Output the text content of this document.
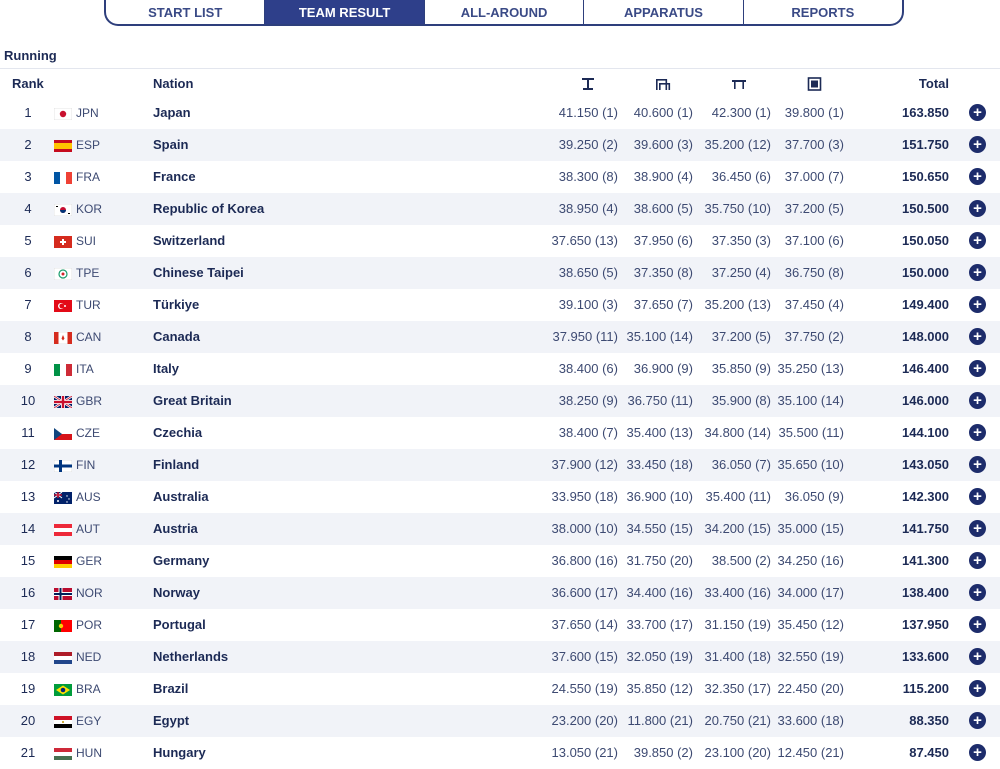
START LIST	TEAM RESULT	ALL-AROUND	APPARATUS	REPORTS
Running
Rank	Nation	Total
1	JPN	Japan	41.150 (1)	40.600 (1)	42.300 (1)	39.800 (1)	163.850 +
2	ESP	Spain	39.250 (2)	39.600 (3) 35.200 (12)	37.700 (3)	151.750 +
3	FRA	France	38.300 (8)	38.900 (4)	36.450 (6)	37.000 (7)	150.650 +
4	KOR	Republic of Korea	38.950 (4)	38.600 (5) 35.750 (10)	37.200 (5)	150.500 +
5	SUI	Switzerland	37.650 (13)	37.950 (6)	37.350 (3)	37.100 (6)	150.050 +
6	TPE	Chinese Taipei	38.650 (5)	37.350 (8)	37.250 (4)	36.750 (8)	150.000 +
7	TUR	Türkiye	39.100 (3)	37.650 (7) 35.200 (13)	37.450 (4)	149.400 +
8	CAN	Canada	37.950 (11) 35.100 (14)	37.200 (5)	37.750 (2)	148.000 +
9	ITA	Italy	38.400 (6)	36.900 (9)	35.850 (9) 35.250 (13)	146.400 +
10	GBR	Great Britain	38.250 (9) 36.750 (11)	35.900 (8) 35.100 (14)	146.000 +
11	CZE	Czechia	38.400 (7) 35.400 (13) 34.800 (14) 35.500 (11)	144.100 +
12	FIN	Finland	37.900 (12) 33.450 (18)	36.050 (7) 35.650 (10)	143.050 +
13	AUS	Australia	33.950 (18) 36.900 (10) 35.400 (11)	36.050 (9)	142.300 +
14	AUT	Austria	38.000 (10) 34.550 (15) 34.200 (15) 35.000 (15)	141.750 +
15	GER	Germany	36.800 (16) 31.750 (20)	38.500 (2) 34.250 (16)	141.300 +
16	NOR	Norway	36.600 (17) 34.400 (16) 33.400 (16) 34.000 (17)	138.400 +
17	POR	Portugal	37.650 (14) 33.700 (17) 31.150 (19) 35.450 (12)	137.950 +
18	NED	Netherlands	37.600 (15) 32.050 (19) 31.400 (18) 32.550 (19)	133.600 +
19	BRA	Brazil	24.550 (19) 35.850 (12) 32.350 (17) 22.450 (20)	115.200 +
20	EGY	Egypt	23.200 (20) 11.800 (21) 20.750 (21) 33.600 (18)	88.350 +
21	HUN	Hungary	13.050 (21)	39.850 (2) 23.100 (20) 12.450 (21)	87.450 +
